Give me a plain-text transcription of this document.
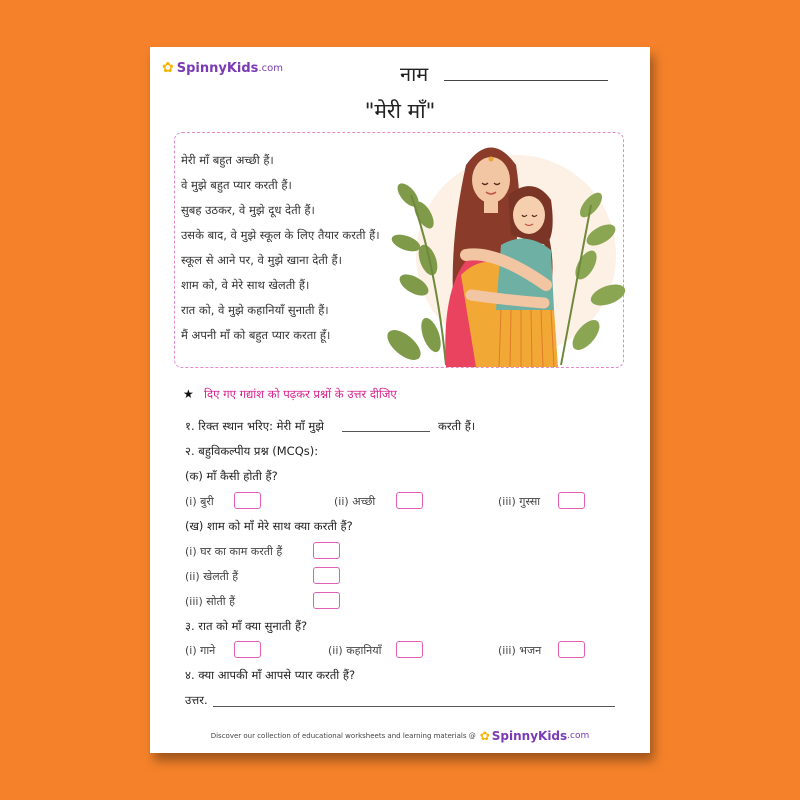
✿ SpinnyKids .com	नाम
"मेरी माँ"
मेरी माँ बहुत अच्छी हैं।
वे मुझे बहुत प्यार करती हैं।
सुबह उठकर, वे मुझे दूध देती हैं।
उसके बाद, वे मुझे स्कूल के लिए तैयार करती हैं।
स्कूल से आने पर, वे मुझे खाना देती हैं।
शाम को, वे मेरे साथ खेलती हैं।
रात को, वे मुझे कहानियाँ सुनाती हैं।
मैं अपनी माँ को बहुत प्यार करता हूँ।
★ दिए गए गद्यांश को पढ़कर प्रश्नों के उत्तर दीजिए
१. रिक्त स्थान भरिए: मेरी माँ मुझे	करती हैं।
२. बहुविकल्पीय प्रश्न (MCQs):
(क) माँ कैसी होती हैं?
(i) बुरी	(ii) अच्छी	(iii) गुस्सा
(ख) शाम को माँ मेरे साथ क्या करती हैं?
(i) घर का काम करती हैं
(ii) खेलती हैं
(iii) सोती हैं
३. रात को माँ क्या सुनाती हैं?
(i) गाने	(ii) कहानियाँ	(iii) भजन
४. क्या आपकी माँ आपसे प्यार करती हैं?
उत्तर.
Discover our collection of educational worksheets and learning materials @ ✿ SpinnyKids .com
